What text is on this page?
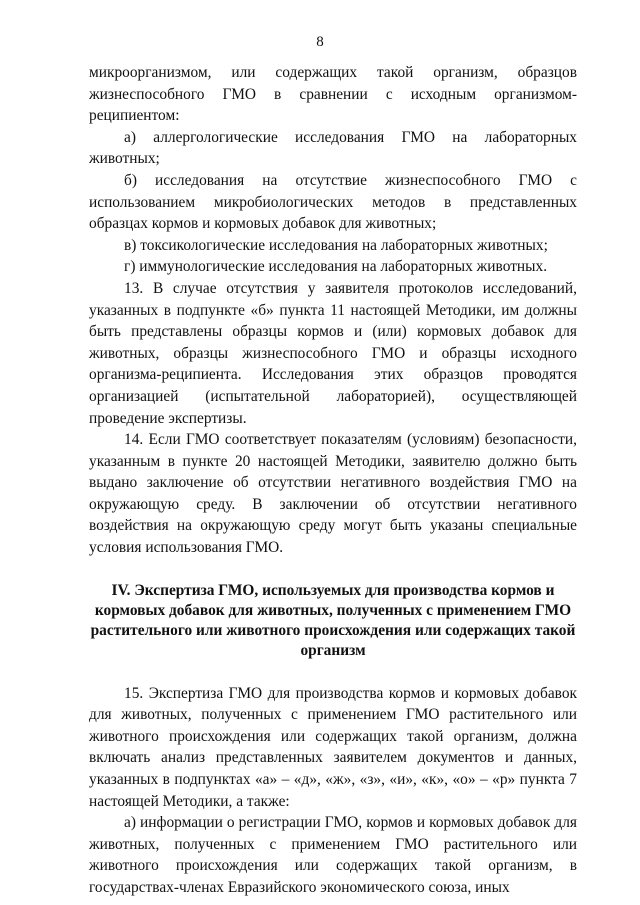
8

микроорганизмом, или содержащих такой организм, образцов жизнеспособного ГМО в сравнении с исходным организмом-реципиентом:

а) аллергологические исследования ГМО на лабораторных животных;

б) исследования на отсутствие жизнеспособного ГМО с использованием микробиологических методов в представленных образцах кормов и кормовых добавок для животных;

в) токсикологические исследования на лабораторных животных;

г) иммунологические исследования на лабораторных животных.

13. В случае отсутствия у заявителя протоколов исследований, указанных в подпункте «б» пункта 11 настоящей Методики, им должны быть представлены образцы кормов и (или) кормовых добавок для животных, образцы жизнеспособного ГМО и образцы исходного организма-реципиента. Исследования этих образцов проводятся организацией (испытательной лабораторией), осуществляющей проведение экспертизы.

14. Если ГМО соответствует показателям (условиям) безопасности, указанным в пункте 20 настоящей Методики, заявителю должно быть выдано заключение об отсутствии негативного воздействия ГМО на окружающую среду. В заключении об отсутствии негативного воздействия на окружающую среду могут быть указаны специальные условия использования ГМО.

IV. Экспертиза ГМО, используемых для производства кормов и кормовых добавок для животных, полученных с применением ГМО растительного или животного происхождения или содержащих такой организм

15. Экспертиза ГМО для производства кормов и кормовых добавок для животных, полученных с применением ГМО растительного или животного происхождения или содержащих такой организм, должна включать анализ представленных заявителем документов и данных, указанных в подпунктах «а» – «д», «ж», «з», «и», «к», «о» – «р» пункта 7 настоящей Методики, а также:

а) информации о регистрации ГМО, кормов и кормовых добавок для животных, полученных с применением ГМО растительного или животного происхождения или содержащих такой организм, в государствах-членах Евразийского экономического союза, иных
